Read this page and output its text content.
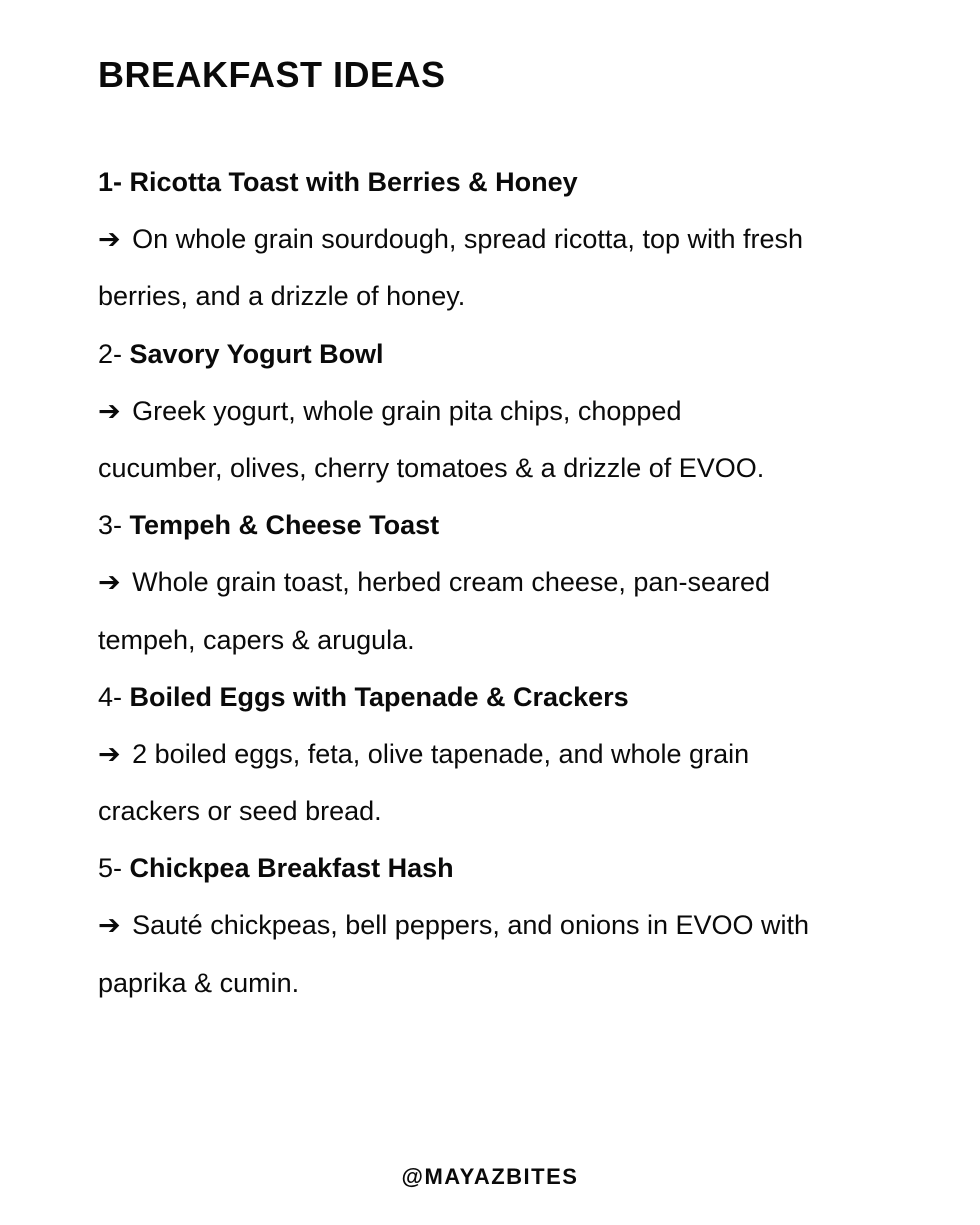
BREAKFAST IDEAS
1- Ricotta Toast with Berries & Honey
➔ On whole grain sourdough, spread ricotta, top with fresh
berries, and a drizzle of honey.
2- Savory Yogurt Bowl
➔ Greek yogurt, whole grain pita chips, chopped
cucumber, olives, cherry tomatoes & a drizzle of EVOO.
3- Tempeh & Cheese Toast
➔ Whole grain toast, herbed cream cheese, pan-seared
tempeh, capers & arugula.
4- Boiled Eggs with Tapenade & Crackers
➔ 2 boiled eggs, feta, olive tapenade, and whole grain
crackers or seed bread.
5- Chickpea Breakfast Hash
➔ Sauté chickpeas, bell peppers, and onions in EVOO with
paprika & cumin.
@MAYAZBITES
